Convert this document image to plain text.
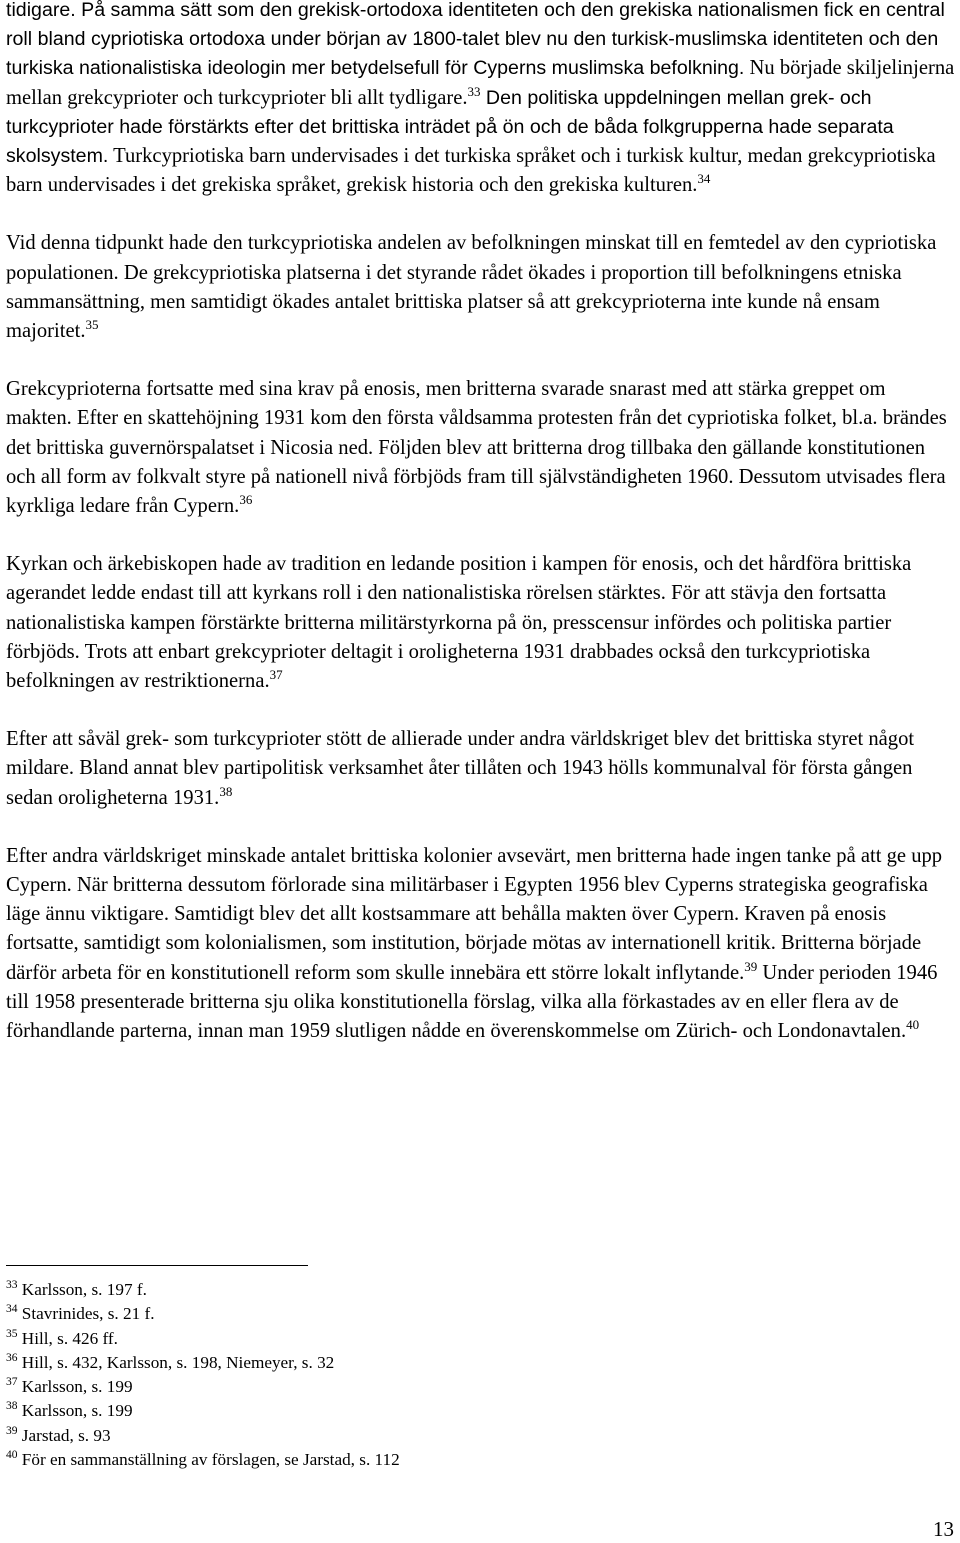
tidigare. På samma sätt som den grekisk-ortodoxa identiteten och den grekiska nationalismen fick en central roll bland cypriotiska ortodoxa under början av 1800-talet blev nu den turkisk-muslimska identiteten och den turkiska nationalistiska ideologin mer betydelsefull för Cyperns muslimska befolkning. Nu började skiljelinjerna mellan grekcyprioter och turkcyprioter bli allt tydligare.$^{33}$ Den politiska uppdelningen mellan grek- och turkcyprioter hade förstärkts efter det brittiska inträdet på ön och de båda folkgrupperna hade separata skolsystem. Turkcypriotiska barn undervisades i det turkiska språket och i turkisk kultur, medan grekcypriotiska barn undervisades i det grekiska språket, grekisk historia och den grekiska kulturen.$^{34}$

Vid denna tidpunkt hade den turkcypriotiska andelen av befolkningen minskat till en femtedel av den cypriotiska populationen. De grekcypriotiska platserna i det styrande rådet ökades i proportion till befolkningens etniska sammansättning, men samtidigt ökades antalet brittiska platser så att grekcyprioterna inte kunde nå ensam majoritet.$^{35}$

Grekcyprioterna fortsatte med sina krav på enosis, men britterna svarade snarast med att stärka greppet om makten. Efter en skattehöjning 1931 kom den första våldsamma protesten från det cypriotiska folket, bl.a. brändes det brittiska guvernörspalatset i Nicosia ned. Följden blev att britterna drog tillbaka den gällande konstitutionen och all form av folkvalt styre på nationell nivå förbjöds fram till självständigheten 1960. Dessutom utvisades flera kyrkliga ledare från Cypern.$^{36}$

Kyrkan och ärkebiskopen hade av tradition en ledande position i kampen för enosis, och det hårdföra brittiska agerandet ledde endast till att kyrkans roll i den nationalistiska rörelsen stärktes. För att stävja den fortsatta nationalistiska kampen förstärkte britterna militärstyrkorna på ön, presscensur infördes och politiska partier förbjöds. Trots att enbart grekcyprioter deltagit i oroligheterna 1931 drabbades också den turkcypriotiska befolkningen av restriktionerna.$^{37}$

Efter att såväl grek- som turkcyprioter stött de allierade under andra världskriget blev det brittiska styret något mildare. Bland annat blev partipolitisk verksamhet åter tillåten och 1943 hölls kommunalval för första gången sedan oroligheterna 1931.38

Efter andra världskriget minskade antalet brittiska kolonier avsevärt, men britterna hade ingen tanke på att ge upp Cypern. När britterna dessutom förlorade sina militärbaser i Egypten 1956 blev Cyperns strategiska geografiska läge ännu viktigare. Samtidigt blev det allt kostsammare att behålla makten över Cypern. Kraven på enosis fortsatte, samtidigt som kolonialismen, som institution, började mötas av internationell kritik. Britterna började därför arbeta för en konstitutionell reform som skulle innebära ett större lokalt inflytande.$^{39}$ Under perioden 1946 till 1958 presenterade britterna sju olika konstitutionella förslag, vilka alla förkastades av en eller flera av de förhandlande parterna, innan man 1959 slutligen nådde en överenskommelse om Zürich- och Londonavtalen.$^{40}$

$^{33}$ Karlsson, s. 197 f.
$^{34}$ Stavrinides, s. 21 f.
$^{35}$ Hill, s. 426 ff.
$^{36}$ Hill, s. 432, Karlsson, s. 198, Niemeyer, s. 32
$^{37}$ Karlsson, s. 199
$^{38}$ Karlsson, s. 199
$^{39}$ Jarstad, s. 93
$^{40}$ För en sammanställning av förslagen, se Jarstad, s. 112
13
